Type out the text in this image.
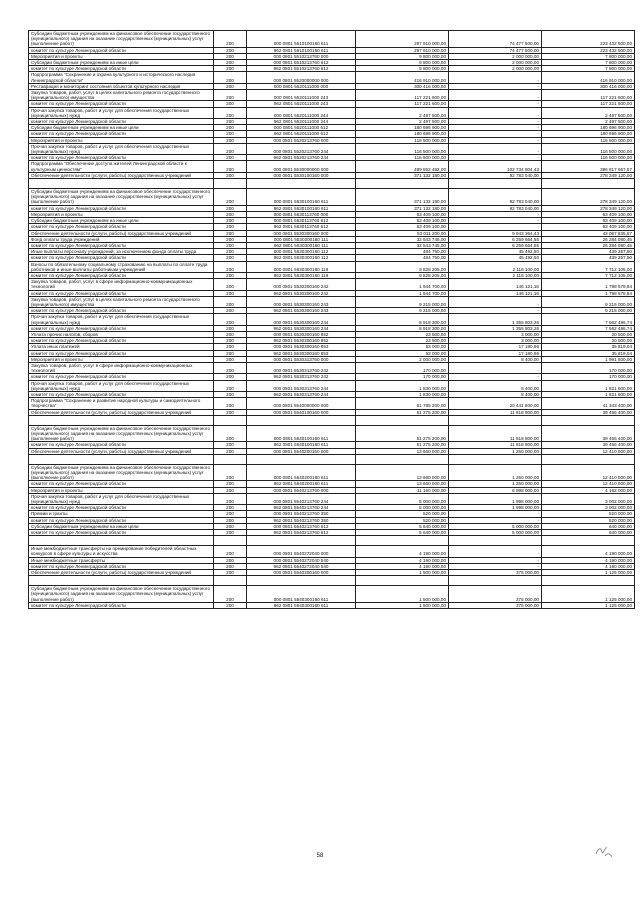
Субсидии бюджетным учреждениям на финансовое обеспечение государственного (муниципального) задания на оказание государственных (муниципальных) услуг (выполнение работ)	200	000 0801 5510100160 611	297 910 000,00	74 477 500,00	223 432 500,00
комитет по культуре Ленинградской области	200	962 0801 5510100160 611	297 910 000,00	74 477 500,00	223 432 500,00
Мероприятия и проекты	200	000 0801 5510213760 000	9 800 000,00	2 000 000,00	7 800 000,00
Субсидии бюджетным учреждениям на иные цели	200	000 0801 5510213760 612	9 800 000,00	2 000 000,00	7 800 000,00
комитет по культуре Ленинградской области	200	962 0801 5510213760 612	9 800 000,00	2 000 000,00	7 800 000,00
Подпрограмма "Сохранение и охрана культурного и исторического наследия Ленинградской области"	200	000 0801 5520000000 000	416 910 000,00	-	416 910 000,00
Реставрация и мониторинг состояния объектов культурного наследия	200	000 0801 5520111000 000	300 416 000,00	-	300 416 000,00
Закупка товаров, работ, услуг в целях капитального ремонта государственного (муниципального) имущества	200	000 0801 5520111000 243	117 221 600,00	-	117 221 600,00
комитет по культуре Ленинградской области	200	962 0801 5520111000 243	117 221 600,00	-	117 221 600,00
Прочая закупка товаров, работ и услуг для обеспечения государственных (муниципальных) нужд	200	000 0801 5520111000 244	2 497 500,00	-	2 497 500,00
комитет по культуре Ленинградской области	200	962 0801 5520111000 244	2 497 500,00	-	2 497 500,00
Субсидии бюджетным учреждениям на иные цели	200	000 0801 5520111000 612	180 696 900,00	-	180 696 900,00
комитет по культуре Ленинградской области	200	962 0801 5520111000 612	180 696 900,00	-	180 696 900,00
Мероприятия и проекты	200	000 0801 5520213760 000	116 500 000,00	-	116 500 000,00
Прочая закупка товаров, работ и услуг для обеспечения государственных (муниципальных) нужд	200	000 0801 5520213760 244	116 500 000,00	-	116 500 000,00
комитет по культуре Ленинградской области	200	962 0801 5520213760 244	116 500 000,00	-	116 500 000,00
Подпрограмма "Обеспечение доступа жителей Ленинградской области к культурным ценностям"	200	000 0801 5530000000 000	499 552 462,00	102 734 804,43	396 817 657,57
Обеспечение деятельности (услуги, работы) государственных учреждений	200	000 0801 5530100160 000	371 132 180,00	92 783 040,00	278 349 120,00

Субсидии бюджетным учреждениям на финансовое обеспечение государственного (муниципального) задания на оказание государственных (муниципальных) услуг (выполнение работ)	200	000 0801 5530100160 611	371 132 180,00	92 783 040,00	278 349 120,00
комитет по культуре Ленинградской области	200	962 0801 5530100160 611	371 132 180,00	92 783 040,00	278 349 120,00
Мероприятия и проекты	200	000 0801 5530113760 000	63 409 100,00	-	63 409 100,00
Субсидии бюджетным учреждениям на иные цели	200	000 0801 5530113760 612	63 409 100,00	-	63 409 100,00
комитет по культуре Ленинградской области	200	962 0801 5530113760 612	63 409 100,00	-	63 409 100,00
Обеспечение деятельности (услуги, работы) государственных учреждений	200	000 0801 5530300160 000	53 011 200,00	9 943 364,43	43 067 835,57
Фонд оплаты труда учреждений	200	000 0801 5530300160 111	32 543 745,00	6 259 664,55	26 284 080,45
комитет по культуре Ленинградской области	200	962 0801 5530300160 111	32 543 745,00	6 259 664,55	26 284 080,45
Иные выплаты персоналу учреждений, за исключением фонда оплаты труда	200	000 0801 5530300160 112	484 750,00	45 492,50	439 257,50
комитет по культуре Ленинградской области	200	962 0801 5530300160 112	484 750,00	45 492,50	439 257,50
Взносы по обязательному социальному страхованию на выплаты по оплате труда работников и иные выплаты работникам учреждений	200	000 0801 5530300160 119	9 828 205,00	2 116 100,00	7 712 105,00
комитет по культуре Ленинградской области	200	962 0801 5530300160 119	9 828 205,00	2 116 100,00	7 712 105,00
Закупка товаров, работ, услуг в сфере информационно-коммуникационных технологий	200	000 0801 5530300160 242	1 944 700,00	146 121,16	1 798 578,84
комитет по культуре Ленинградской области	200	962 0801 5530300160 242	1 944 700,00	146 121,16	1 798 578,84
Закупка товаров, работ, услуг в целях капитального ремонта государственного (муниципального) имущества	200	000 0801 5530300160 243	9 215 000,00	-	9 215 000,00
комитет по культуре Ленинградской области	200	962 0801 5530300160 243	9 215 000,00	-	9 215 000,00
Прочая закупка товаров, работ и услуг для обеспечения государственных (муниципальных) нужд	200	000 0801 5530300160 244	8 918 300,00	1 355 803,26	7 562 496,74
комитет по культуре Ленинградской области	200	962 0801 5530300160 244	8 918 300,00	1 355 803,26	7 562 496,74
Уплата прочих налогов, сборов	200	000 0801 5530300160 852	23 500,00	3 000,00	20 500,00
комитет по культуре Ленинградской области	200	962 0801 5530300160 852	23 500,00	3 000,00	20 500,00
Уплата иных платежей	200	000 0801 5530300160 853	53 000,00	17 180,96	35 819,04
комитет по культуре Ленинградской области	200	962 0801 5530300160 853	53 000,00	17 180,96	35 819,04
Мероприятия и проекты	200	000 0801 5530313760 000	2 000 000,00	8 400,00	1 991 600,00
Закупка товаров, работ, услуг в сфере информационно-коммуникационных технологий	200	000 0801 5530313760 242	170 000,00	-	170 000,00
комитет по культуре Ленинградской области	200	962 0801 5530313760 242	170 000,00	-	170 000,00
Прочая закупка товаров, работ и услуг для обеспечения государственных (муниципальных) нужд	200	000 0801 5530313760 244	1 830 000,00	8 400,00	1 821 600,00
комитет по культуре Ленинградской области	200	962 0801 5530313760 244	1 830 000,00	8 400,00	1 821 600,00
Подпрограмма "Сохранение и развитие народной культуры и самодеятельного творчества"	200	000 0801 5540000000 000	61 785 200,00	20 441 800,00	41 343 400,00
Обеспечение деятельности (услуги, работы) государственных учреждений	200	000 0801 5540100160 000	51 275 200,00	11 818 800,00	39 456 400,00

Субсидии бюджетным учреждениям на финансовое обеспечение государственного (муниципального) задания на оказание государственных (муниципальных) услуг (выполнение работ)	200	000 0801 5540100160 611	51 275 200,00	11 818 800,00	39 456 400,00
комитет по культуре Ленинградской области	200	962 0801 5540100160 611	51 275 200,00	11 818 800,00	39 456 400,00
Обеспечение деятельности (услуги, работы) государственных учреждений	200	000 0801 5540200160 000	13 660 000,00	1 250 000,00	12 410 000,00

Субсидии бюджетным учреждениям на финансовое обеспечение государственного (муниципального) задания на оказание государственных (муниципальных) услуг (выполнение работ)	200	000 0801 5540200160 611	13 660 000,00	1 250 000,00	12 410 000,00
комитет по культуре Ленинградской области	200	962 0801 5540200160 611	13 660 000,00	1 250 000,00	12 410 000,00
Мероприятия и проекты	200	000 0801 5540213760 000	11 160 000,00	6 998 000,00	4 162 000,00
Прочая закупка товаров, работ и услуг для обеспечения государственных (муниципальных) нужд	200	000 0801 5540213760 244	5 000 000,00	1 998 000,00	3 002 000,00
комитет по культуре Ленинградской области	200	962 0801 5540213760 244	5 000 000,00	1 998 000,00	3 002 000,00
Премии и гранты	200	000 0801 5540213760 350	520 000,00	-	520 000,00
комитет по культуре Ленинградской области	200	962 0801 5540213760 350	520 000,00	-	520 000,00
Субсидии бюджетным учреждениям на иные цели	200	000 0801 5540213760 612	5 640 000,00	5 000 000,00	640 000,00
комитет по культуре Ленинградской области	200	962 0801 5540213760 612	5 640 000,00	5 000 000,00	640 000,00

Иные межбюджетные трансферты на премирование победителей областных конкурсов в сфере культуры и искусства	200	000 0801 5540272040 000	4 190 000,00	-	4 190 000,00
Иные межбюджетные трансферты	200	000 0801 5540272040 540	4 190 000,00	-	4 190 000,00
комитет по культуре Ленинградской области	200	962 0801 5540272040 540	4 190 000,00	-	4 190 000,00
Обеспечение деятельности (услуги, работы) государственных учреждений	200	000 0801 5540300160 000	1 500 000,00	375 000,00	1 125 000,00

Субсидии бюджетным учреждениям на финансовое обеспечение государственного (муниципального) задания на оказание государственных (муниципальных) услуг (выполнение работ)	200	000 0801 5540300160 611	1 500 000,00	375 000,00	1 125 000,00
комитет по культуре Ленинградской области	200	962 0801 5540300160 611	1 500 000,00	375 000,00	1 125 000,00
58
